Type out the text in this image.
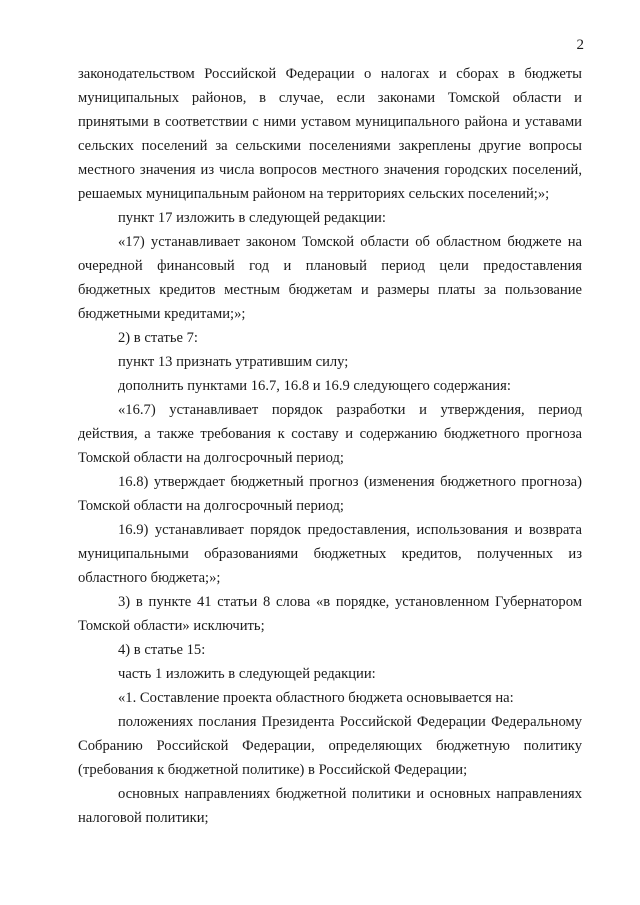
2

законодательством Российской Федерации о налогах и сборах в бюджеты муниципальных районов, в случае, если законами Томской области и принятыми в соответствии с ними уставом муниципального района и уставами сельских поселений за сельскими поселениями закреплены другие вопросы местного значения из числа вопросов местного значения городских поселений, решаемых муниципальным районом на территориях сельских поселений;»;

пункт 17 изложить в следующей редакции:

«17) устанавливает законом Томской области об областном бюджете на очередной финансовый год и плановый период цели предоставления бюджетных кредитов местным бюджетам и размеры платы за пользование бюджетными кредитами;»;

2) в статье 7:

пункт 13 признать утратившим силу;

дополнить пунктами 16.7, 16.8 и 16.9 следующего содержания:

«16.7) устанавливает порядок разработки и утверждения, период действия, а также требования к составу и содержанию бюджетного прогноза Томской области на долгосрочный период;

16.8) утверждает бюджетный прогноз (изменения бюджетного прогноза) Томской области на долгосрочный период;

16.9) устанавливает порядок предоставления, использования и возврата муниципальными образованиями бюджетных кредитов, полученных из областного бюджета;»;

3) в пункте 41 статьи 8 слова «в порядке, установленном Губернатором Томской области» исключить;

4) в статье 15:

часть 1 изложить в следующей редакции:

«1. Составление проекта областного бюджета основывается на:

положениях послания Президента Российской Федерации Федеральному Собранию Российской Федерации, определяющих бюджетную политику (требования к бюджетной политике) в Российской Федерации;

основных направлениях бюджетной политики и основных направлениях налоговой политики;
